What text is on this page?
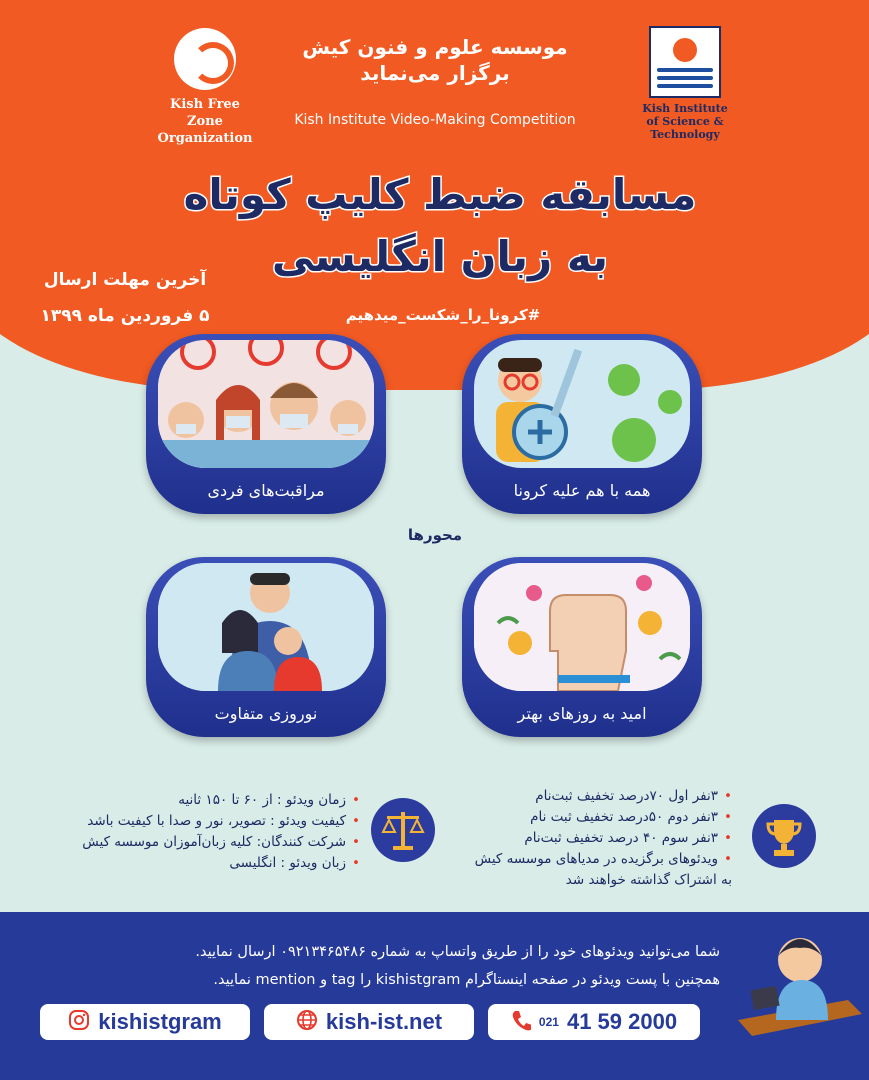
Kish Free Zone
Organization
Kish Institute
of Science & Technology
موسسه علوم و فنون کیش
برگزار می‌نماید
Kish Institute Video-Making Competition
مسابقه ضبط کلیپ کوتاه
به زبان انگلیسی
آخرین مهلت ارسال
۵ فروردین ماه ۱۳۹۹	#کرونا_را_شکست_میدهیم
همه با هم علیه کرونا
مراقبت‌های فردی
محورها
امید به روزهای بهتر
نوروزی متفاوت
• ۳نفر اول ۷۰درصد تخفیف ثبت‌نام
• ۳نفر دوم ۵۰درصد تخفیف ثبت نام
• ۳نفر سوم ۴۰ درصد تخفیف ثبت‌نام
• ویدئوهای برگزیده در مدیاهای موسسه کیش به اشتراک گذاشته خواهند شد
• زمان ویدئو : از ۶۰ تا ۱۵۰ ثانیه
• کیفیت ویدئو : تصویر، نور و صدا با کیفیت باشد
• شرکت کنندگان: کلیه زبان‌آموزان موسسه کیش
• زبان ویدئو : انگلیسی
شما می‌توانید ویدئوهای خود را از طریق واتساپ به شماره ۰۹۲۱۳۴۶۵۴۸۶ ارسال نمایید.
همچنین با پست ویدئو در صفحه اینستاگرام kishistgram را tag و mention نمایید.
kishistgram	kish-ist.net	021 41 59 2000
